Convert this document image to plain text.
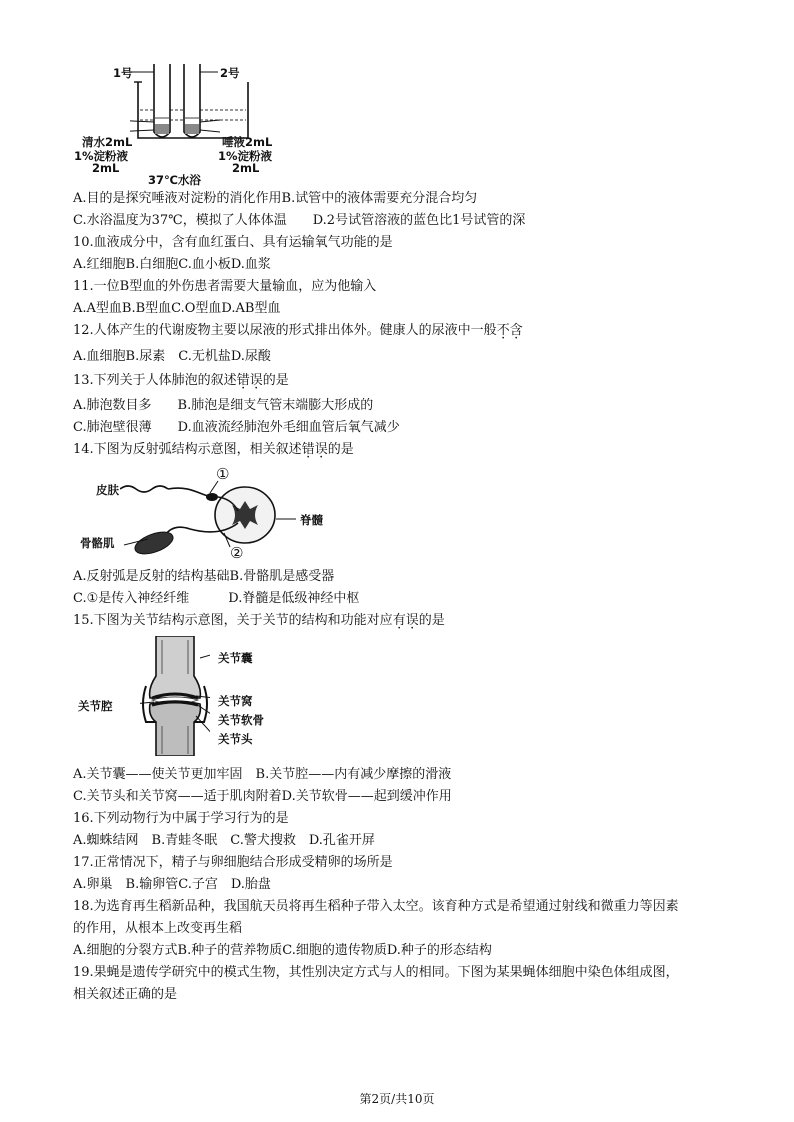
1号	2号
清水2mL
1%淀粉液
2mL
唾液2mL
1%淀粉液
2mL
37℃水浴
A.目的是探究唾液对淀粉的消化作用B.试管中的液体需要充分混合均匀
C.水浴温度为37℃，模拟了人体体温　　D.2号试管溶液的蓝色比1号试管的深
10.血液成分中，含有血红蛋白、具有运输氧气功能的是
A.红细胞B.白细胞C.血小板D.血浆
11.一位B型血的外伤患者需要大量输血，应为他输入
A.A型血B.B型血C.O型血D.AB型血
12.人体产生的代谢废物主要以尿液的形式排出体外。健康人的尿液中一般不含
A.血细胞B.尿素　C.无机盐D.尿酸
13.下列关于人体肺泡的叙述错误的是
A.肺泡数目多　　B.肺泡是细支气管末端膨大形成的
C.肺泡壁很薄　　D.血液流经肺泡外毛细血管后氧气减少
14.下图为反射弧结构示意图，相关叙述错误的是
皮肤
①
脊髓
骨骼肌
②
A.反射弧是反射的结构基础B.骨骼肌是感受器
C.①是传入神经纤维　　　D.脊髓是低级神经中枢
15.下图为关节结构示意图，关于关节的结构和功能对应有误的是
关节囊
关节腔	关节窝
关节软骨
关节头
A.关节囊——使关节更加牢固　B.关节腔——内有减少摩擦的滑液
C.关节头和关节窝——适于肌肉附着D.关节软骨——起到缓冲作用
16.下列动物行为中属于学习行为的是
A.蜘蛛结网　B.青蛙冬眠　C.警犬搜救　D.孔雀开屏
17.正常情况下，精子与卵细胞结合形成受精卵的场所是
A.卵巢　B.输卵管C.子宫　D.胎盘
18.为选育再生稻新品种，我国航天员将再生稻种子带入太空。该育种方式是希望通过射线和微重力等因素
的作用，从根本上改变再生稻
A.细胞的分裂方式B.种子的营养物质C.细胞的遗传物质D.种子的形态结构
19.果蝇是遗传学研究中的模式生物，其性别决定方式与人的相同。下图为某果蝇体细胞中染色体组成图，
相关叙述正确的是
第2页/共10页
